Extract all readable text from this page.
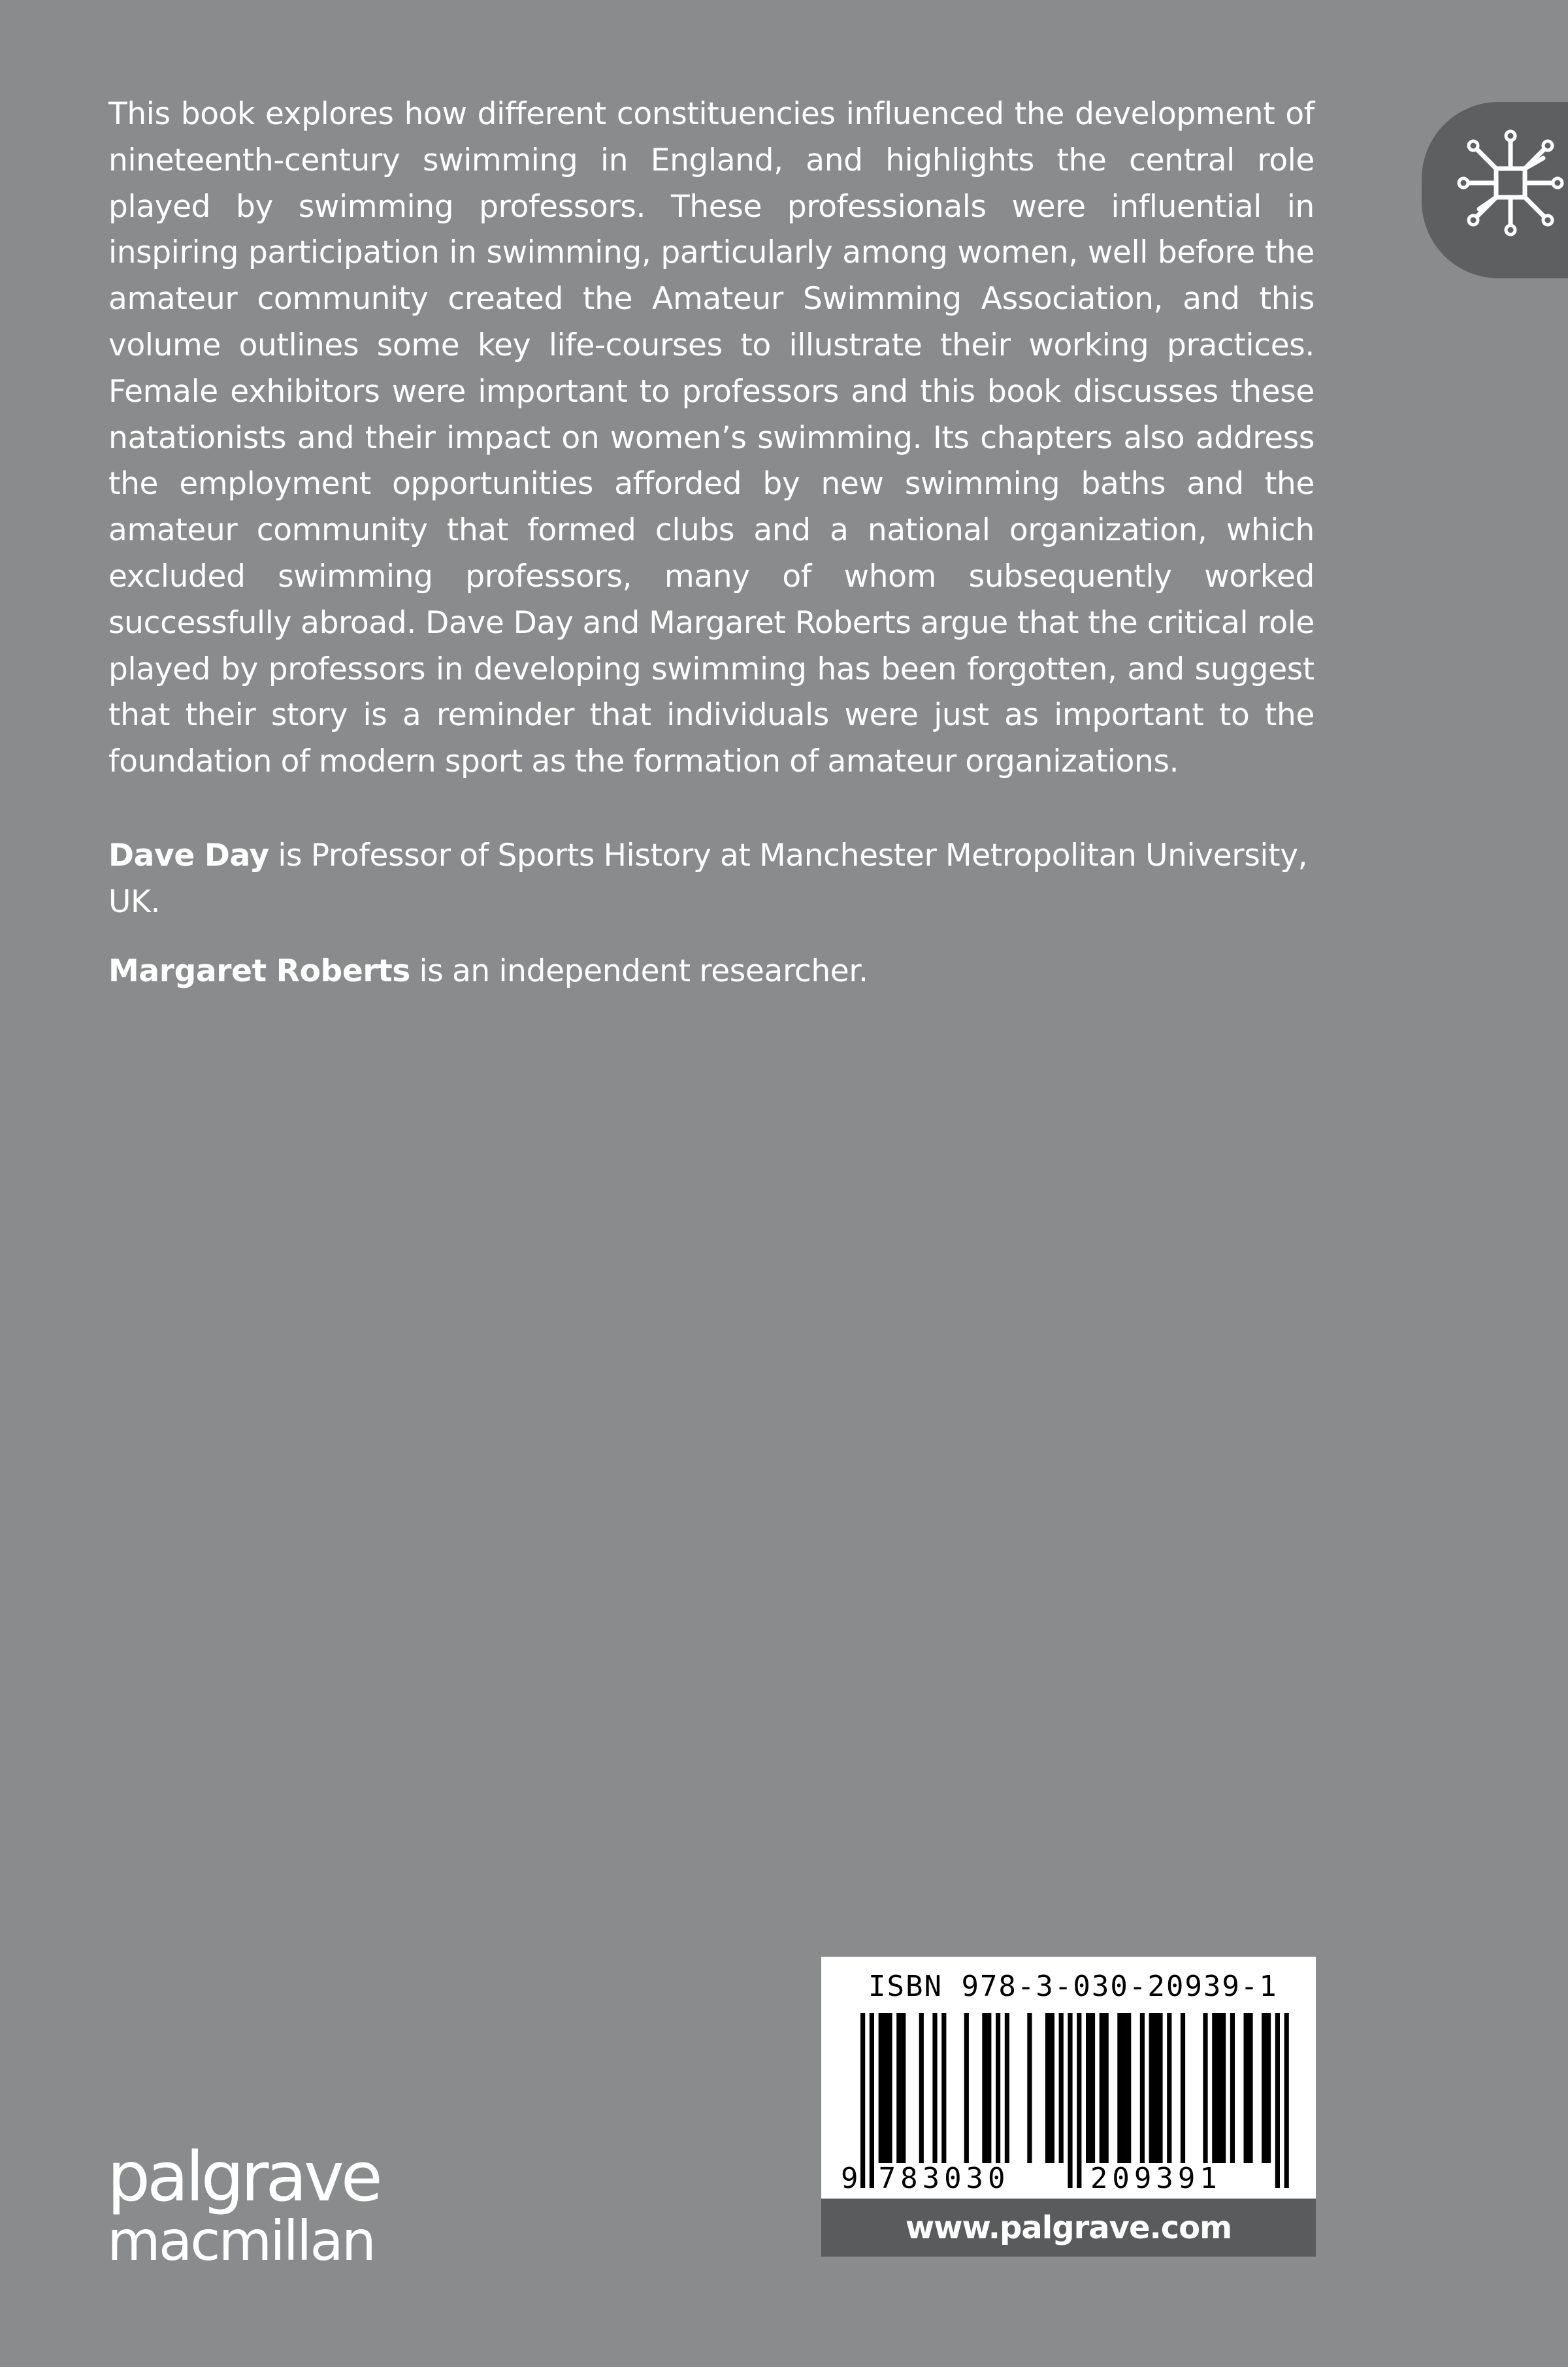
This book explores how different constituencies influenced the development of nineteenth-century swimming in England, and highlights the central role played by swimming professors. These professionals were influential in inspiring participation in swimming, particularly among women, well before the amateur community created the Amateur Swimming Association, and this volume outlines some key life-courses to illustrate their working practices. Female exhibitors were important to professors and this book discusses these natationists and their impact on women’s swimming. Its chapters also address the employment opportunities afforded by new swimming baths and the amateur community that formed clubs and a national organization, which excluded swimming professors, many of whom subsequently worked successfully abroad. Dave Day and Margaret Roberts argue that the critical role played by professors in developing swimming has been forgotten, and suggest that their story is a reminder that individuals were just as important to the foundation of modern sport as the formation of amateur organizations.

Dave Day is Professor of Sports History at Manchester Metropolitan University, UK.

Margaret Roberts is an independent researcher.

palgrave
macmillan
ISBN 978-3-030-20939-1
9 783030	209391
www.palgrave.com
